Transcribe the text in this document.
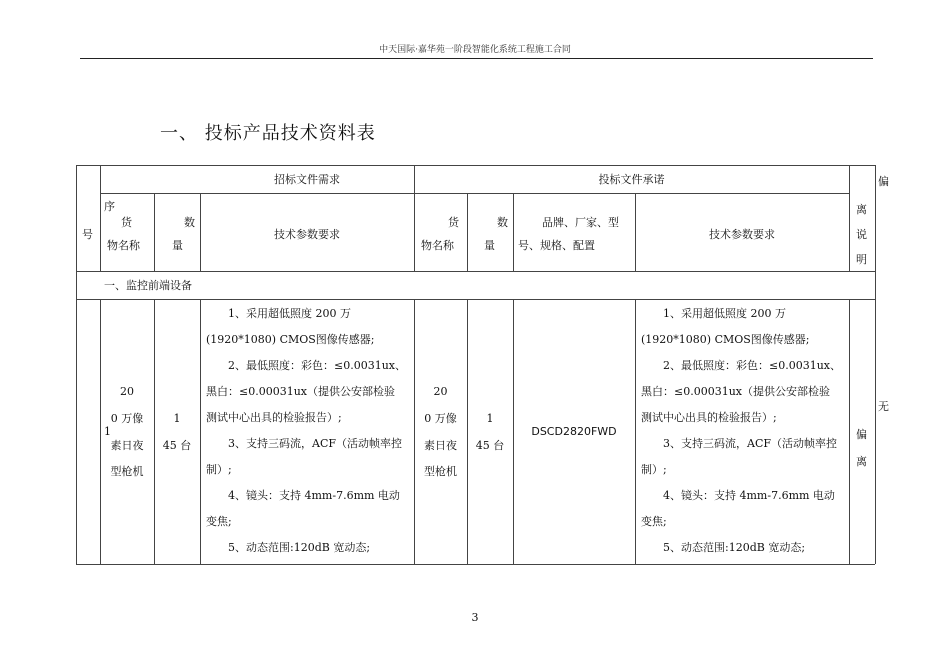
中天国际·嘉华苑一阶段智能化系统工程施工合同
一、 投标产品技术资料表
招标文件需求	投标文件承诺	偏
序
号
货
物名称
数
量
技术参数要求
货
物名称
数
量
品牌、厂家、型
号、规格、配置
技术参数要求
离
说
明
一、监控前端设备
1
20
0 万像
素日夜
型枪机
1
45 台
1、采用超低照度 200 万
(1920*1080) CMOS图像传感器;
2、最低照度：彩色：≤0.0031ux、
黑白：≤0.00031ux（提供公安部检验
测试中心出具的检验报告）;
3、支持三码流，ACF（活动帧率控
制）;
4、镜头：支持 4mm-7.6mm 电动
变焦;
5、动态范围:120dB 宽动态;
20
0 万像
素日夜
型枪机
1
45 台
DSCD2820FWD
1、采用超低照度 200 万
(1920*1080) CMOS图像传感器;
2、最低照度：彩色：≤0.0031ux、
黑白：≤0.00031ux（提供公安部检验
测试中心出具的检验报告）;
3、支持三码流，ACF（活动帧率控
制）;
4、镜头：支持 4mm-7.6mm 电动
变焦;
5、动态范围:120dB 宽动态;
无
偏
离
3
